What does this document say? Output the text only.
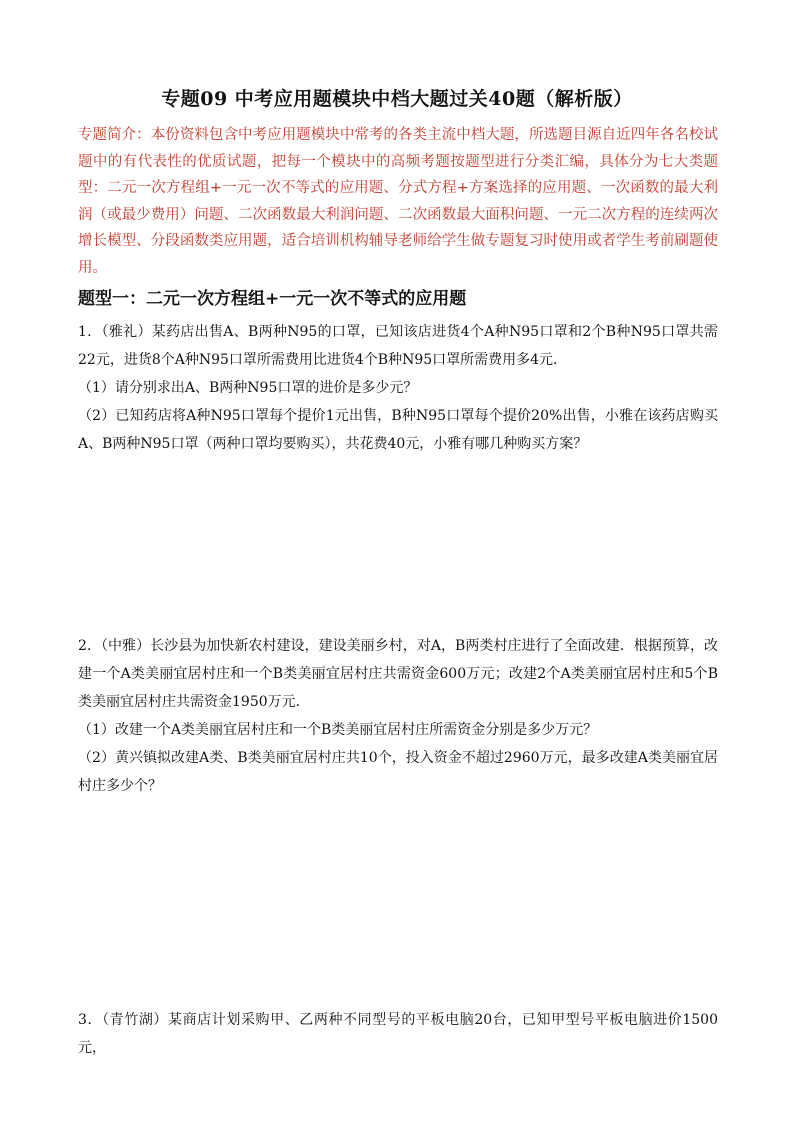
专题09 中考应用题模块中档大题过关40题（解析版）
专题简介：本份资料包含中考应用题模块中常考的各类主流中档大题，所选题目源自近四年各名校试题中的有代表性的优质试题，把每一个模块中的高频考题按题型进行分类汇编，具体分为七大类题型：二元一次方程组+一元一次不等式的应用题、分式方程+方案选择的应用题、一次函数的最大利润（或最少费用）问题、二次函数最大利润问题、二次函数最大面积问题、一元二次方程的连续两次增长模型、分段函数类应用题，适合培训机构辅导老师给学生做专题复习时使用或者学生考前刷题使用。
题型一：二元一次方程组+一元一次不等式的应用题

1．（雅礼）某药店出售A、B两种N95的口罩，已知该店进货4个A种N95口罩和2个B种N95口罩共需22元，进货8个A种N95口罩所需费用比进货4个B种N95口罩所需费用多4元．

（1）请分别求出A、B两种N95口罩的进价是多少元？

（2）已知药店将A种N95口罩每个提价1元出售，B种N95口罩每个提价20%出售，小雅在该药店购买A、B两种N95口罩（两种口罩均要购买），共花费40元，小雅有哪几种购买方案？

2．（中雅）长沙县为加快新农村建设，建设美丽乡村，对A，B两类村庄进行了全面改建．根据预算，改建一个A类美丽宜居村庄和一个B类美丽宜居村庄共需资金600万元；改建2个A类美丽宜居村庄和5个B类美丽宜居村庄共需资金1950万元．

（1）改建一个A类美丽宜居村庄和一个B类美丽宜居村庄所需资金分别是多少万元？

（2）黄兴镇拟改建A类、B类美丽宜居村庄共10个，投入资金不超过2960万元，最多改建A类美丽宜居村庄多少个？

3．（青竹湖）某商店计划采购甲、乙两种不同型号的平板电脑20台，已知甲型号平板电脑进价1500元，
